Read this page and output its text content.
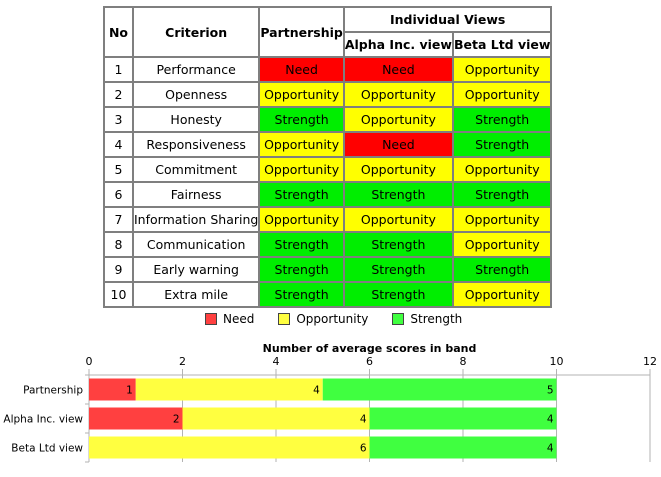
No	Criterion	Partnership	Individual Views	
			Alpha Inc. view	Beta Ltd view
1	Performance	Need	Need	Opportunity
2	Openness	Opportunity	Opportunity	Opportunity
3	Honesty	Strength	Opportunity	Strength
4	Responsiveness	Opportunity	Need	Strength
5	Commitment	Opportunity	Opportunity	Opportunity
6	Fairness	Strength	Strength	Strength
7	Information Sharing	Opportunity	Opportunity	Opportunity
8	Communication	Strength	Strength	Opportunity
9	Early warning	Strength	Strength	Strength
10	Extra mile	Strength	Strength	Opportunity
Need	Opportunity	Strength
Number of average scores in band
0	2	4	6	8	10	12
Partnership	1	4	5
Alpha Inc. view	2	4	4
Beta Ltd view	6	4
